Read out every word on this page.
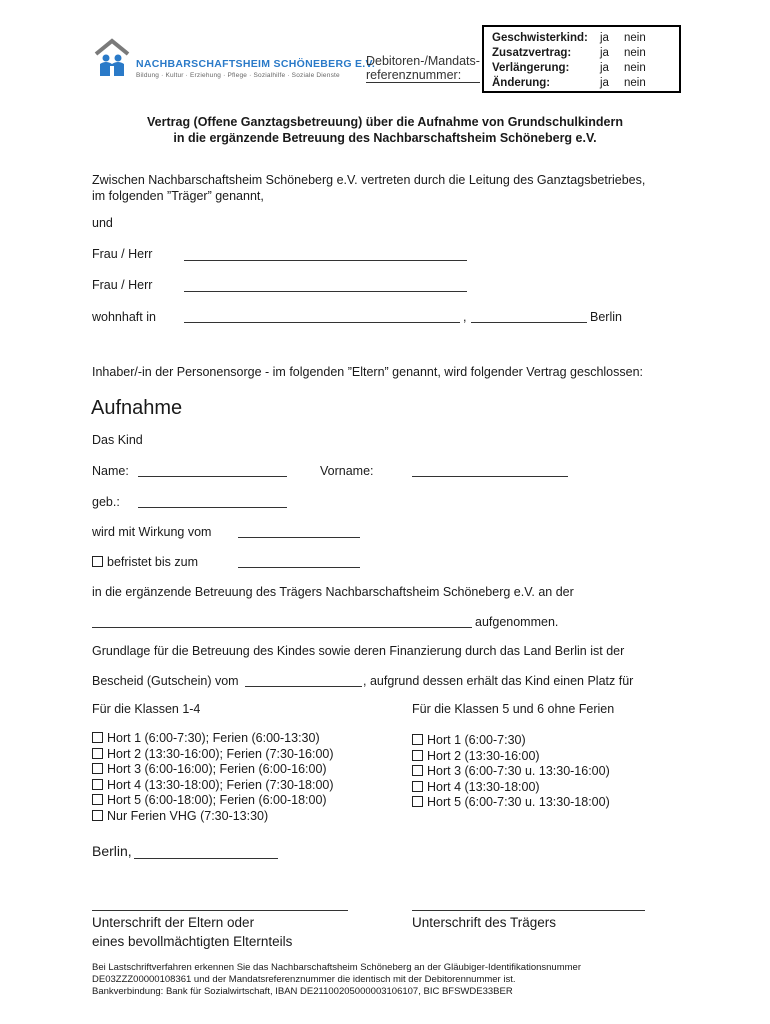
NACHBARSCHAFTSHEIM SCHÖNEBERG E.V.
Bildung · Kultur · Erziehung · Pflege · Sozialhilfe · Soziale Dienste
Debitoren-/Mandats-
referenznummer:
Geschwisterkind:	ja	nein
Zusatzvertrag:	ja	nein
Verlängerung:	ja	nein
Änderung:	ja	nein
Vertrag (Offene Ganztagsbetreuung) über die Aufnahme von Grundschulkindern
in die ergänzende Betreuung des Nachbarschaftsheim Schöneberg e.V.
Zwischen Nachbarschaftsheim Schöneberg e.V. vertreten durch die Leitung des Ganztagsbetriebes,
im folgenden ”Träger” genannt,
und
Frau / Herr
Frau / Herr
wohnhaft in	,	Berlin
Inhaber/-in der Personensorge - im folgenden ”Eltern” genannt, wird folgender Vertrag geschlossen:
Aufnahme
Das Kind
Name:	Vorname:
geb.:
wird mit Wirkung vom
befristet bis zum
in die ergänzende Betreuung des Trägers Nachbarschaftsheim Schöneberg e.V. an der
aufgenommen.
Grundlage für die Betreuung des Kindes sowie deren Finanzierung durch das Land Berlin ist der
Bescheid (Gutschein) vom	, aufgrund dessen erhält das Kind einen Platz für
Für die Klassen 1-4
Hort 1 (6:00-7:30); Ferien (6:00-13:30)
Hort 2 (13:30-16:00); Ferien (7:30-16:00)
Hort 3 (6:00-16:00); Ferien (6:00-16:00)
Hort 4 (13:30-18:00); Ferien (7:30-18:00)
Hort 5 (6:00-18:00); Ferien (6:00-18:00)
Nur Ferien VHG (7:30-13:30)
Für die Klassen 5 und 6 ohne Ferien
Hort 1 (6:00-7:30)
Hort 2 (13:30-16:00)
Hort 3 (6:00-7:30 u. 13:30-16:00)
Hort 4 (13:30-18:00)
Hort 5 (6:00-7:30 u. 13:30-18:00)
Berlin,
Unterschrift der Eltern oder
eines bevollmächtigten Elternteils
Unterschrift des Trägers
Bei Lastschriftverfahren erkennen Sie das Nachbarschaftsheim Schöneberg an der Gläubiger-Identifikationsnummer
DE03ZZZ00000108361 und der Mandatsreferenznummer die identisch mit der Debitorennummer ist.
Bankverbindung: Bank für Sozialwirtschaft, IBAN DE21100205000003106107, BIC BFSWDE33BER
